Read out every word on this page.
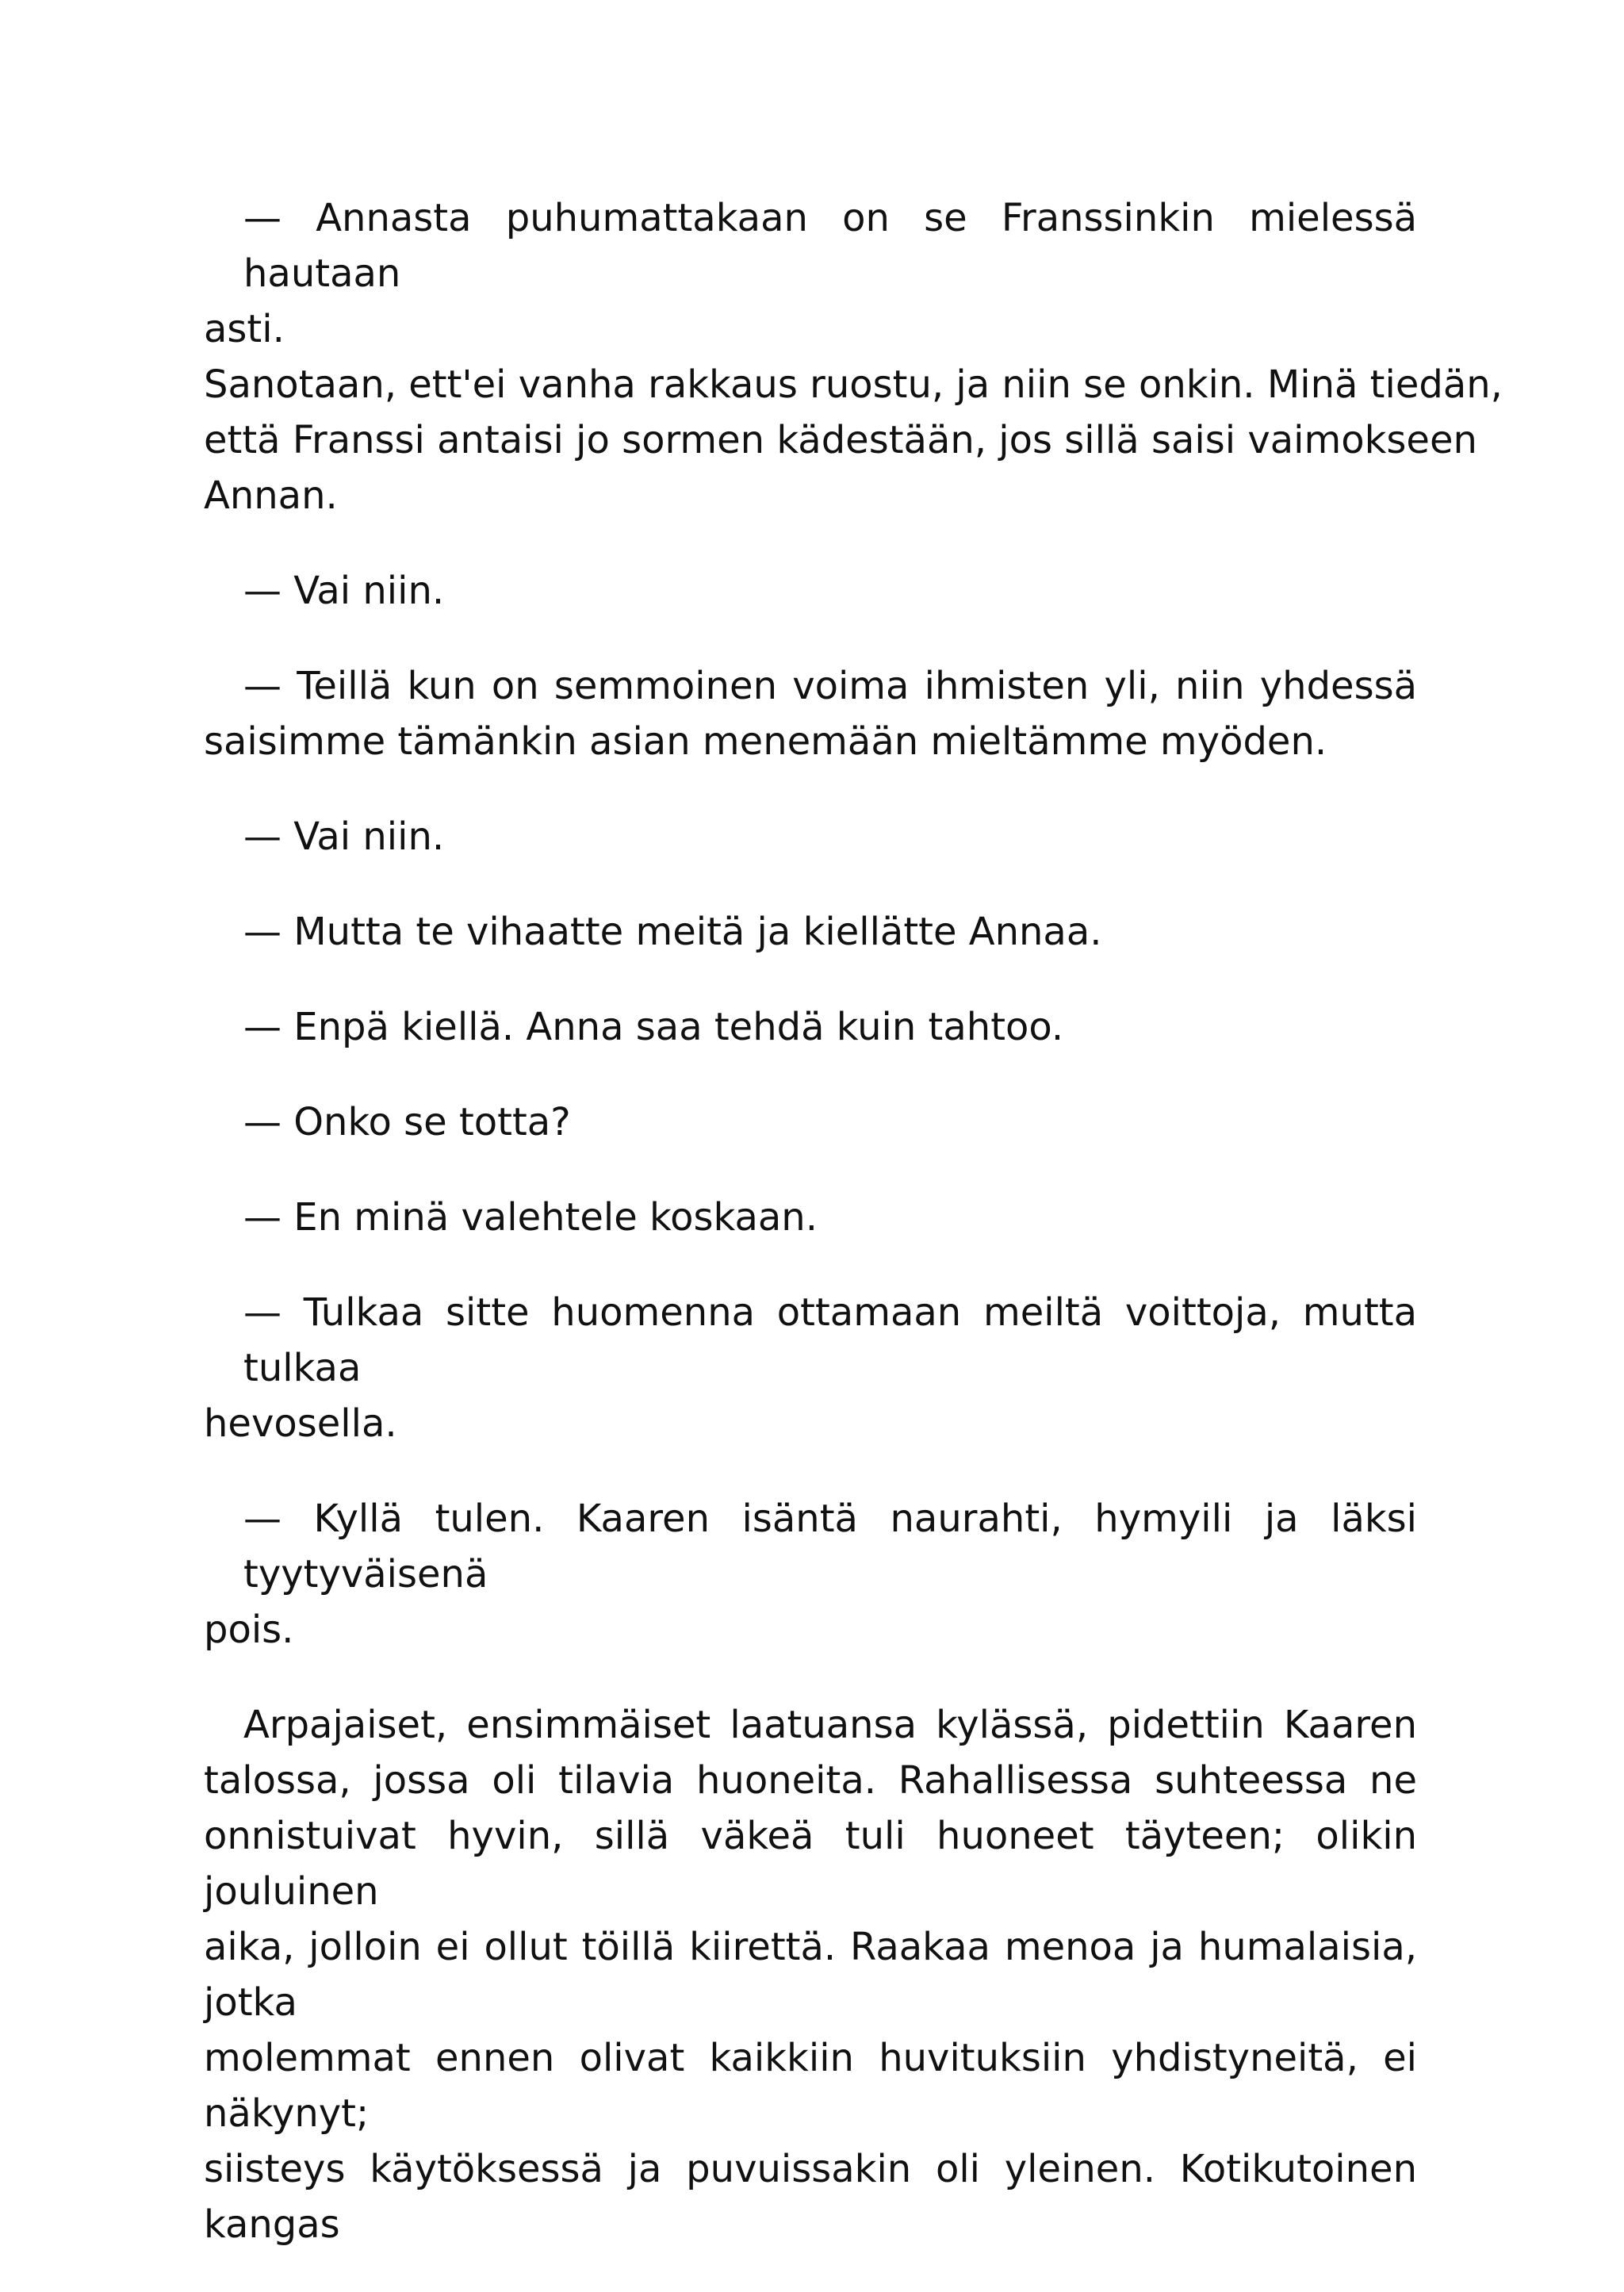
— Annasta puhumattakaan on se Franssinkin mielessä hautaan
asti.
Sanotaan, ett'ei vanha rakkaus ruostu, ja niin se onkin. Minä tiedän,
että Franssi antaisi jo sormen kädestään, jos sillä saisi vaimokseen
Annan.
— Vai niin.
— Teillä kun on semmoinen voima ihmisten yli, niin yhdessä
saisimme tämänkin asian menemään mieltämme myöden.
— Vai niin.
— Mutta te vihaatte meitä ja kiellätte Annaa.
— Enpä kiellä. Anna saa tehdä kuin tahtoo.
— Onko se totta?
— En minä valehtele koskaan.
— Tulkaa sitte huomenna ottamaan meiltä voittoja, mutta tulkaa
hevosella.
— Kyllä tulen. Kaaren isäntä naurahti, hymyili ja läksi tyytyväisenä
pois.
Arpajaiset, ensimmäiset laatuansa kylässä, pidettiin Kaaren
talossa, jossa oli tilavia huoneita. Rahallisessa suhteessa ne
onnistuivat hyvin, sillä väkeä tuli huoneet täyteen; olikin jouluinen
aika, jolloin ei ollut töillä kiirettä. Raakaa menoa ja humalaisia, jotka
molemmat ennen olivat kaikkiin huvituksiin yhdistyneitä, ei näkynyt;
siisteys käytöksessä ja puvuissakin oli yleinen. Kotikutoinen kangas
